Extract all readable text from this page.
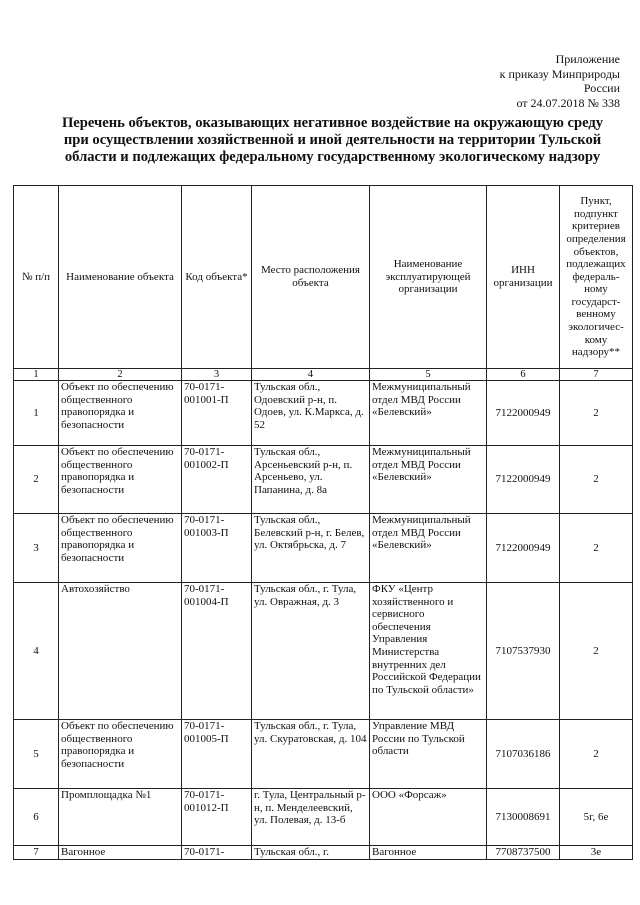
Приложение
к приказу Минприроды
России
от 24.07.2018 № 338
Перечень объектов, оказывающих негативное воздействие на окружающую среду
при осуществлении хозяйственной и иной деятельности на территории Тульской
области и подлежащих федеральному государственному экологическому надзору
№ п/п	Наименование объекта	Код объекта*	Место расположения объекта	Наименование эксплуатирующей организации	ИНН организации	Пункт, подпункт критериев определения объектов, подлежащих федераль-ному государст-венному экологичес-кому надзору**
1	2	3	4	5	6	7
1	Объект по обеспечению общественного правопорядка и безопасности	70-0171-001001-П	Тульская обл., Одоевский р-н, п. Одоев, ул. К.Маркса, д. 52	Межмуниципальный отдел МВД России «Белевский»	7122000949	2
2	Объект по обеспечению общественного правопорядка и безопасности	70-0171-001002-П	Тульская обл., Арсеньевский р-н, п. Арсеньево, ул. Папанина, д. 8а	Межмуниципальный отдел МВД России «Белевский»	7122000949	2
3	Объект по обеспечению общественного правопорядка и безопасности	70-0171-001003-П	Тульская обл., Белевский р-н, г. Белев, ул. Октябрьска, д. 7	Межмуниципальный отдел МВД России «Белевский»	7122000949	2
4	Автохозяйство	70-0171-001004-П	Тульская обл., г. Тула, ул. Овражная, д. 3	ФКУ «Центр хозяйственного и сервисного обеспечения Управления Министерства внутренних дел Российской Федерации по Тульской области»	7107537930	2
5	Объект по обеспечению общественного правопорядка и безопасности	70-0171-001005-П	Тульская обл., г. Тула, ул. Скуратовская, д. 104	Управление МВД России по Тульской области	7107036186	2
6	Промплощадка №1	70-0171-001012-П	г. Тула, Центральный р-н, п. Менделеевский, ул. Полевая, д. 13-б	ООО «Форсаж»	7130008691	5г, 6е
7	Вагонное	70-0171-	Тульская обл., г.	Вагонное	7708737500	3е
